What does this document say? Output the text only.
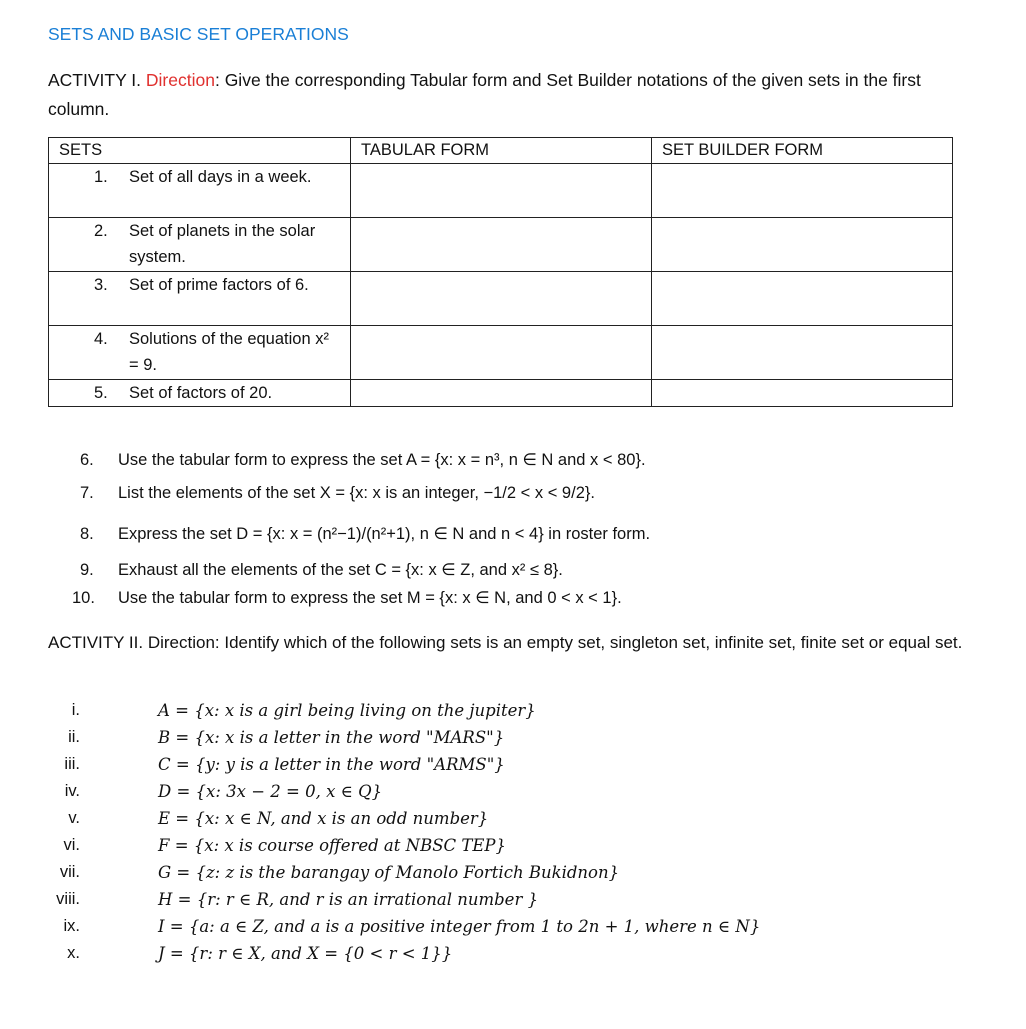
SETS AND BASIC SET OPERATIONS
ACTIVITY I. Direction: Give the corresponding Tabular form and Set Builder notations of the given sets in the first column.
SETS	TABULAR FORM	SET BUILDER FORM

1. Set of all days in a week.		

2. Set of planets in the solar system.		

3. Set of prime factors of 6.		

4. Solutions of the equation x² = 9.		

5. Set of factors of 20.		

6. Use the tabular form to express the set A = {x: x = n³, n ∈ N and x < 80}.
7. List the elements of the set X = {x: x is an integer, −1/2 < x < 9/2}.
8. Express the set D = {x: x = (n²−1)/(n²+1), n ∈ N and n < 4} in roster form.
9. Exhaust all the elements of the set C = {x: x ∈ Z, and x² ≤ 8}.
10. Use the tabular form to express the set M = {x: x ∈ N, and 0 < x < 1}.
ACTIVITY II. Direction: Identify which of the following sets is an empty set, singleton set, infinite set, finite set or equal set.
i.	A = {x: x is a girl being living on the jupiter}
ii.	B = {x: x is a letter in the word "MARS"}
iii.	C = {y: y is a letter in the word "ARMS"}
iv.	D = {x: 3x − 2 = 0, x ∈ Q}
v.	E = {x: x ∈ N, and x is an odd number}
vi.	F = {x: x is course offered at NBSC TEP}
vii.	G = {z: z is the barangay of Manolo Fortich Bukidnon}
viii.	H = {r: r ∈ R, and r is an irrational number }
ix.	I = {a: a ∈ Z, and a is a positive integer from 1 to 2n + 1, where n ∈ N}
x.	J = {r: r ∈ X, and X = {0 < r < 1}}
